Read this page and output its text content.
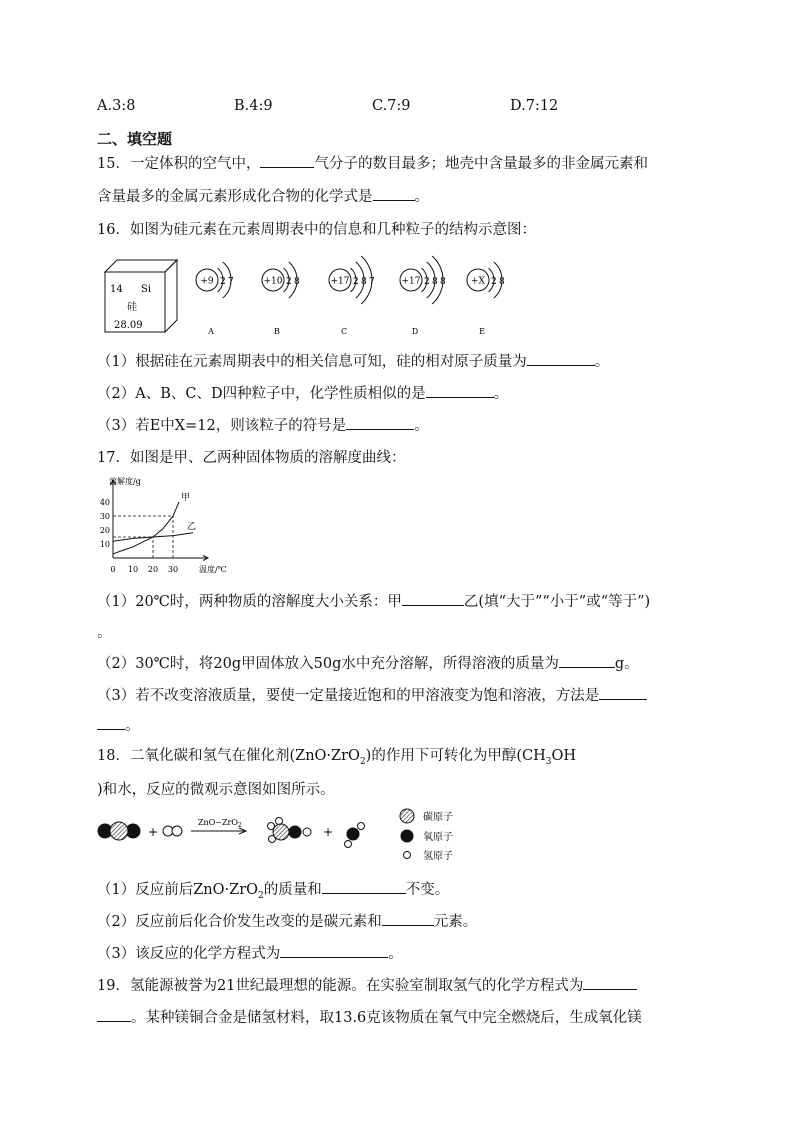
A.3:8	B.4:9	C.7:9	D.7:12
二、填空题
15．一定体积的空气中，	气分子的数目最多；地壳中含量最多的非金属元素和
含量最多的金属元素形成化合物的化学式是	。
16．如图为硅元素在元素周期表中的信息和几种粒子的结构示意图：
14 Si
硅
28.09
+9 2 7
A
+10 2 8
B
+17 2 8 7
C
+17 2 8 8
D
+X 2 8
E
（1）根据硅在元素周期表中的相关信息可知，硅的相对原子质量为	。
（2）A、B、C、D四种粒子中，化学性质相似的是	。
（3）若E中X=12，则该粒子的符号是	。
17．如图是甲、乙两种固体物质的溶解度曲线：
溶解度/g
温度/℃
10
20
30
40
0 10 20 30
甲
乙
（1）20℃时，两种物质的溶解度大小关系：甲	乙(填“大于”“小于”或“等于”)
。
（2）30℃时，将20g甲固体放入50g水中充分溶解，所得溶液的质量为	g。
（3）若不改变溶液质量，要使一定量接近饱和的甲溶液变为饱和溶液，方法是
。
18．二氧化碳和氢气在催化剂(ZnO·ZrO$_2$)的作用下可转化为甲醇($CH_3OH$
)和水，反应的微观示意图如图所示。
+
ZnO−ZrO$_2$	+
碳原子
氧原子
氢原子
（1）反应前后ZnO·ZrO$_2$的质量和	不变。
（2）反应前后化合价发生改变的是碳元素和	元素。
（3）该反应的化学方程式为	。
19．氢能源被誉为21世纪最理想的能源。在实验室制取氢气的化学方程式为
。某种镁铜合金是储氢材料，取13.6克该物质在氧气中完全燃烧后，生成氧化镁
